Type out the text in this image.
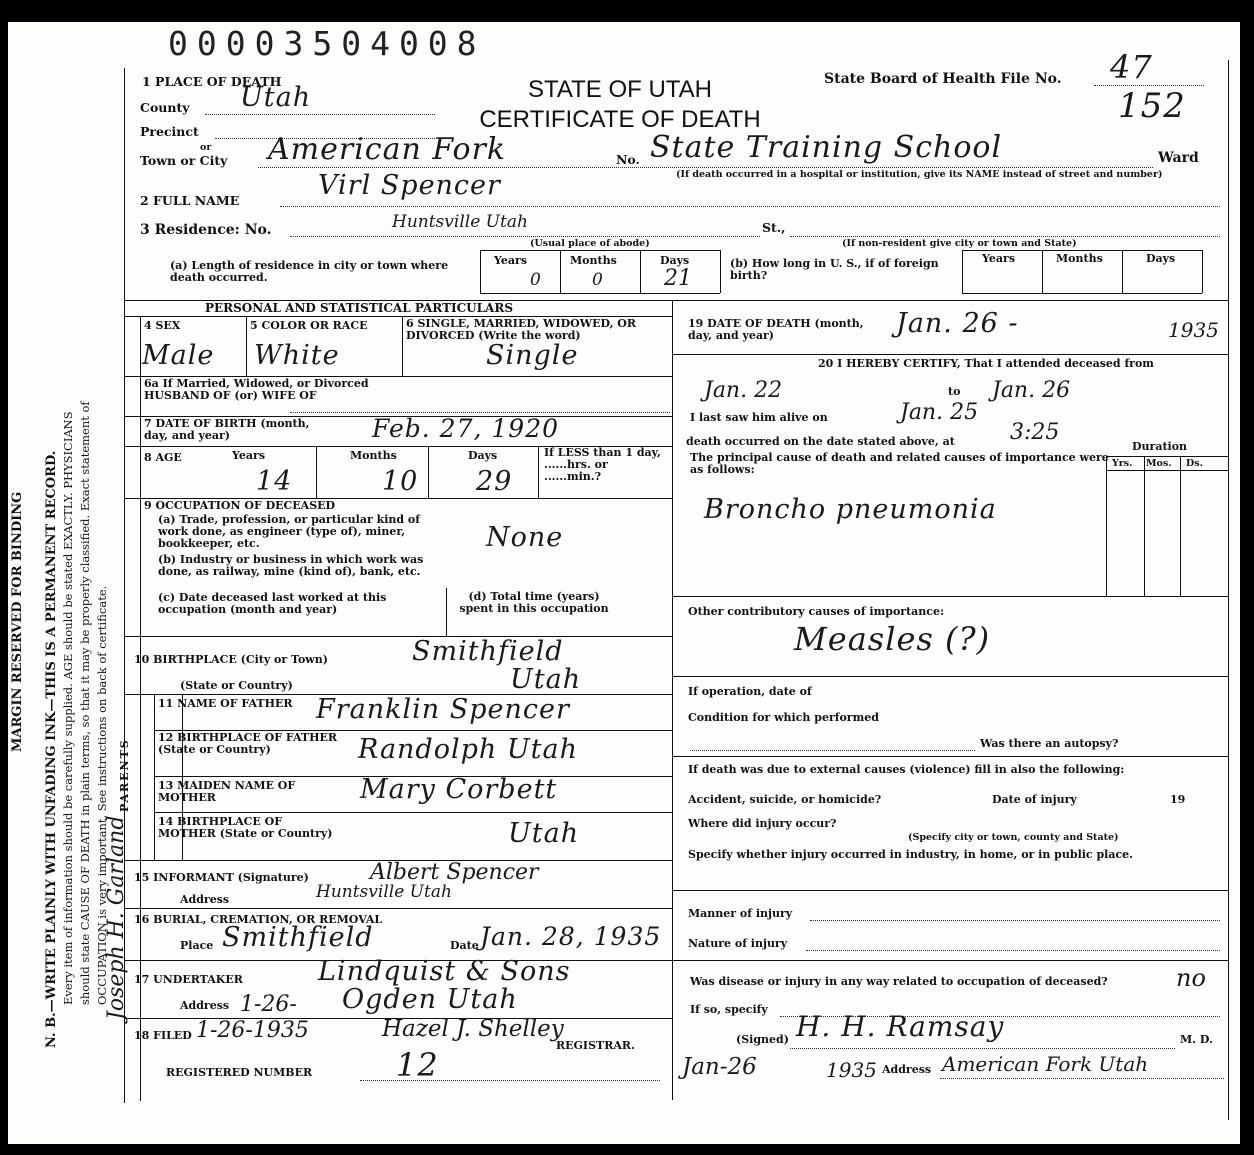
00003504008
MARGIN RESERVED FOR BINDING N. B.—WRITE PLAINLY WITH UNFADING INK—THIS IS A PERMANENT RECORD. Every item of information should be carefully supplied. AGE should be stated EXACTLY. PHYSICIANS should state CAUSE OF DEATH in plain terms, so that it may be properly classified. Exact statement of OCCUPATION is very important. See instructions on back of certificate.
Joseph H. Garland
1 PLACE OF DEATH	STATE OF UTAH
CERTIFICATE OF DEATH
State Board of Health File No. 47
152
County Utah
Precinct
or
Town or City American Fork	No. State Training School	Ward
(If death occurred in a hospital or institution, give its NAME instead of street and number)
2 FULL NAME	Virl Spencer
3 Residence: No.	Huntsville Utah	St.,
(Usual place of abode)	(If non-resident give city or town and State)
(a) Length of residence in city or town where death occurred.
Years	Months	Days
0	0	21
(b) How long in U. S., if of foreign birth?
Years	Months	Days
PERSONAL AND STATISTICAL PARTICULARS
4 SEX	5 COLOR OR RACE	6 SINGLE, MARRIED, WIDOWED, OR DIVORCED (Write the word)
Male White	Single
6a If Married, Widowed, or Divorced HUSBAND OF (or) WIFE OF
7 DATE OF BIRTH (month, day, and year)	Feb. 27, 1920
8 AGE	Years	Months	Days	If LESS than 1 day, ......hrs. or ......min.?
14	10 29
9 OCCUPATION OF DECEASED
(a) Trade, profession, or particular kind of work done, as engineer (type of), miner, bookkeeper, etc.	None
(b) Industry or business in which work was done, as railway, mine (kind of), bank, etc.
(c) Date deceased last worked at this occupation (month and year)
(d) Total time (years) spent in this occupation
10 BIRTHPLACE (City or Town)	Smithfield
(State or Country)	Utah
PARENTS
11 NAME OF FATHER Franklin Spencer
12 BIRTHPLACE OF FATHER (State or Country)	Randolph Utah
13 MAIDEN NAME OF MOTHER	Mary Corbett
14 BIRTHPLACE OF MOTHER (State or Country)	Utah
15 INFORMANT (Signature)	Albert Spencer
Address	Huntsville Utah
16 BURIAL, CREMATION, OR REMOVAL
Place Smithfield	Date Jan. 28, 1935
17 UNDERTAKER	Lindquist & Sons
Address 1-26- Ogden Utah
18 FILED 1-26-1935	Hazel J. Shelley
REGISTRAR.
REGISTERED NUMBER	12
19 DATE OF DEATH (month, day, and year)	Jan. 26 -	1935
20 I HEREBY CERTIFY, That I attended deceased from
Jan. 22	to Jan. 26
I last saw him alive on	Jan. 25
death occurred on the date stated above, at	3:25
The principal cause of death and related causes of importance were as follows:
Duration
Yrs. Mos. Ds.
Broncho pneumonia
Other contributory causes of importance:
Measles (?)
If operation, date of
Condition for which performed
Was there an autopsy?
If death was due to external causes (violence) fill in also the following:
Accident, suicide, or homicide?	Date of injury	19
Where did injury occur?
(Specify city or town, county and State)
Specify whether injury occurred in industry, in home, or in public place.
Manner of injury
Nature of injury
Was disease or injury in any way related to occupation of deceased?	no
If so, specify
(Signed) H. H. Ramsay	M. D.
Jan-26	1935 Address American Fork Utah
